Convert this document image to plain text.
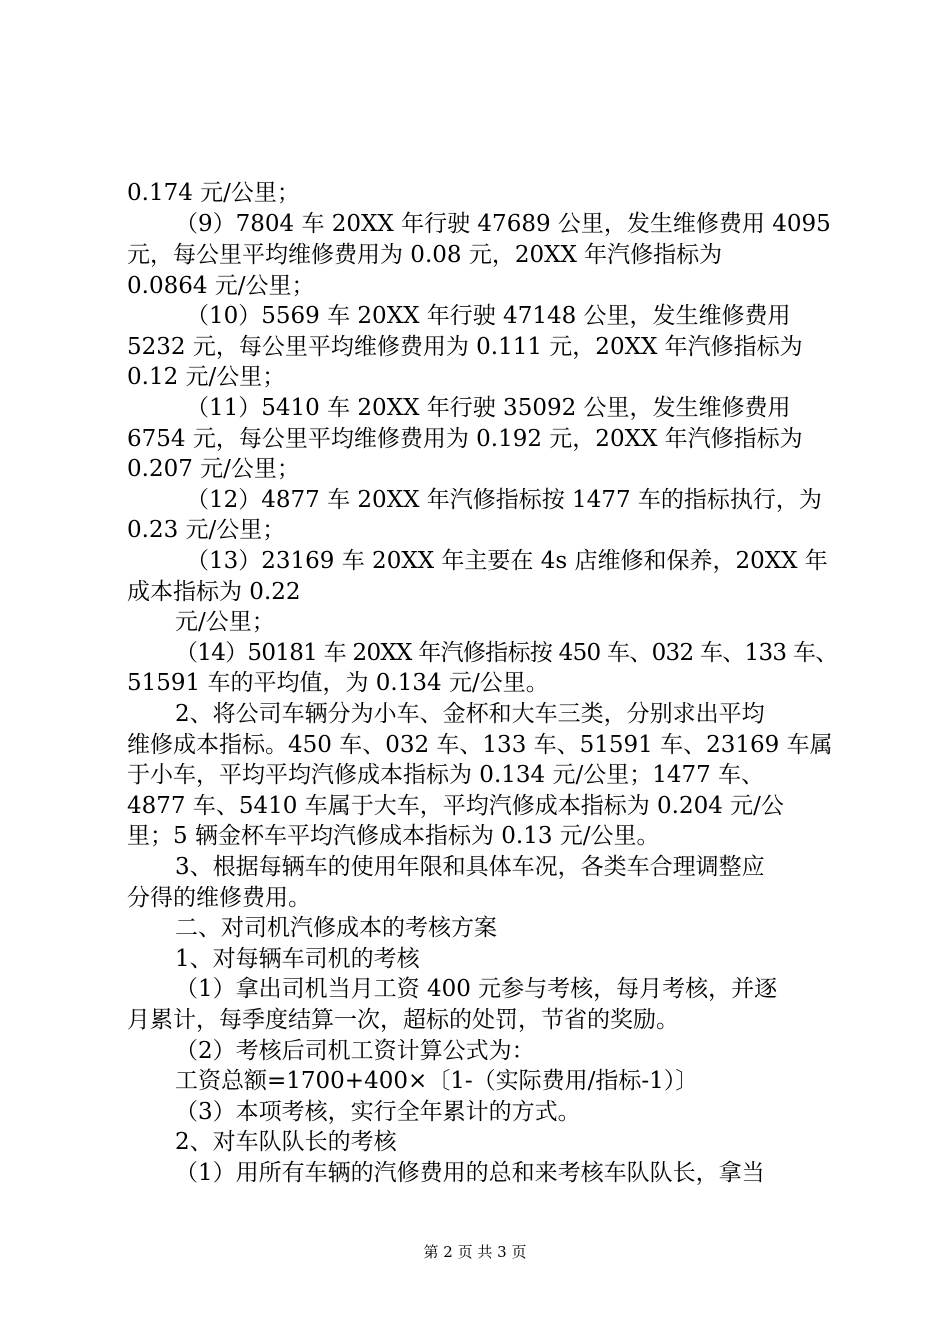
0.174 元/公里；
（9）7804 车 20XX 年行驶 47689 公里，发生维修费用 4095
元，每公里平均维修费用为 0.08 元，20XX 年汽修指标为
0.0864 元/公里；
（10）5569 车 20XX 年行驶 47148 公里，发生维修费用
5232 元，每公里平均维修费用为 0.111 元，20XX 年汽修指标为
0.12 元/公里；
（11）5410 车 20XX 年行驶 35092 公里，发生维修费用
6754 元，每公里平均维修费用为 0.192 元，20XX 年汽修指标为
0.207 元/公里；
（12）4877 车 20XX 年汽修指标按 1477 车的指标执行，为
0.23 元/公里；
（13）23169 车 20XX 年主要在 4s 店维修和保养，20XX 年
成本指标为 0.22
元/公里；
（14）50181 车 20XX 年汽修指标按 450 车、032 车、133 车、
51591 车的平均值，为 0.134 元/公里。
2、将公司车辆分为小车、金杯和大车三类，分别求出平均
维修成本指标。450 车、032 车、133 车、51591 车、23169 车属
于小车，平均平均汽修成本指标为 0.134 元/公里；1477 车、
4877 车、5410 车属于大车，平均汽修成本指标为 0.204 元/公
里；5 辆金杯车平均汽修成本指标为 0.13 元/公里。
3、根据每辆车的使用年限和具体车况，各类车合理调整应
分得的维修费用。
二、对司机汽修成本的考核方案
1、对每辆车司机的考核
（1）拿出司机当月工资 400 元参与考核，每月考核，并逐
月累计，每季度结算一次，超标的处罚，节省的奖励。
（2）考核后司机工资计算公式为：
工资总额=1700+400×〔1-（实际费用/指标-1）〕
（3）本项考核，实行全年累计的方式。
2、对车队队长的考核
（1）用所有车辆的汽修费用的总和来考核车队队长，拿当
第 2 页 共 3 页
